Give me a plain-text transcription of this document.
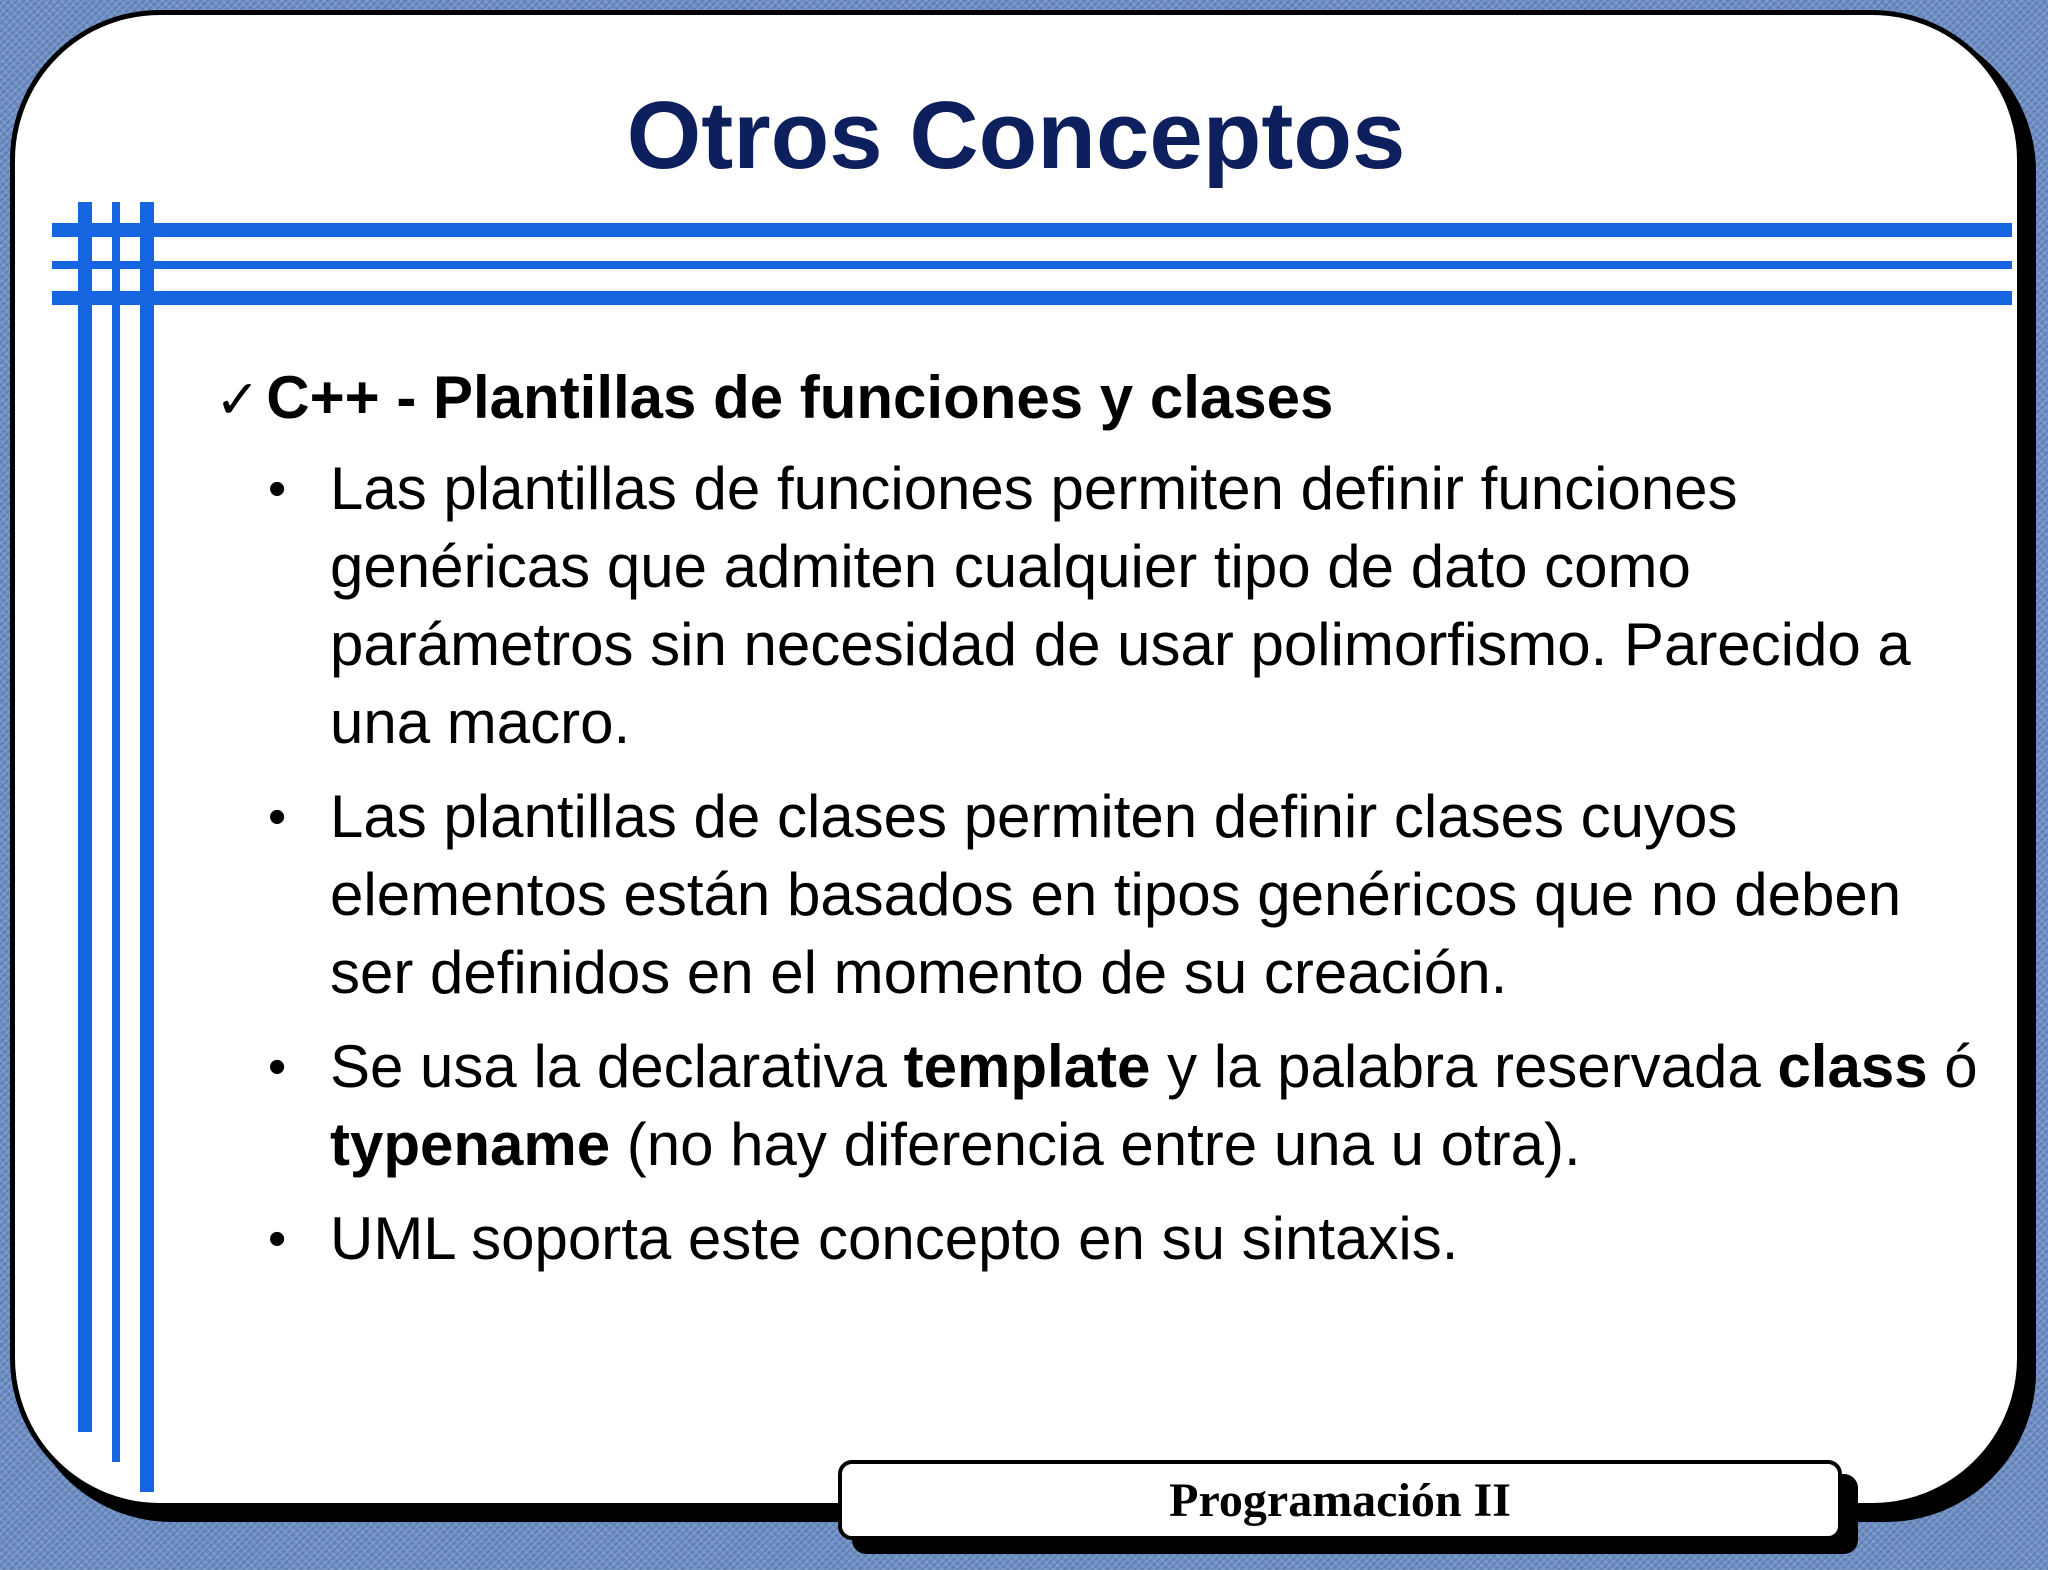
Otros Conceptos
✓ C++ - Plantillas de funciones y clases
• Las plantillas de funciones permiten definir funciones genéricas que admiten cualquier tipo de dato como parámetros sin necesidad de usar polimorfismo. Parecido a una macro.
• Las plantillas de clases permiten definir clases cuyos elementos están basados en tipos genéricos que no deben ser definidos en el momento de su creación.
• Se usa la declarativa template y la palabra reservada class ó typename (no hay diferencia entre una u otra).
• UML soporta este concepto en su sintaxis.
Programación II
